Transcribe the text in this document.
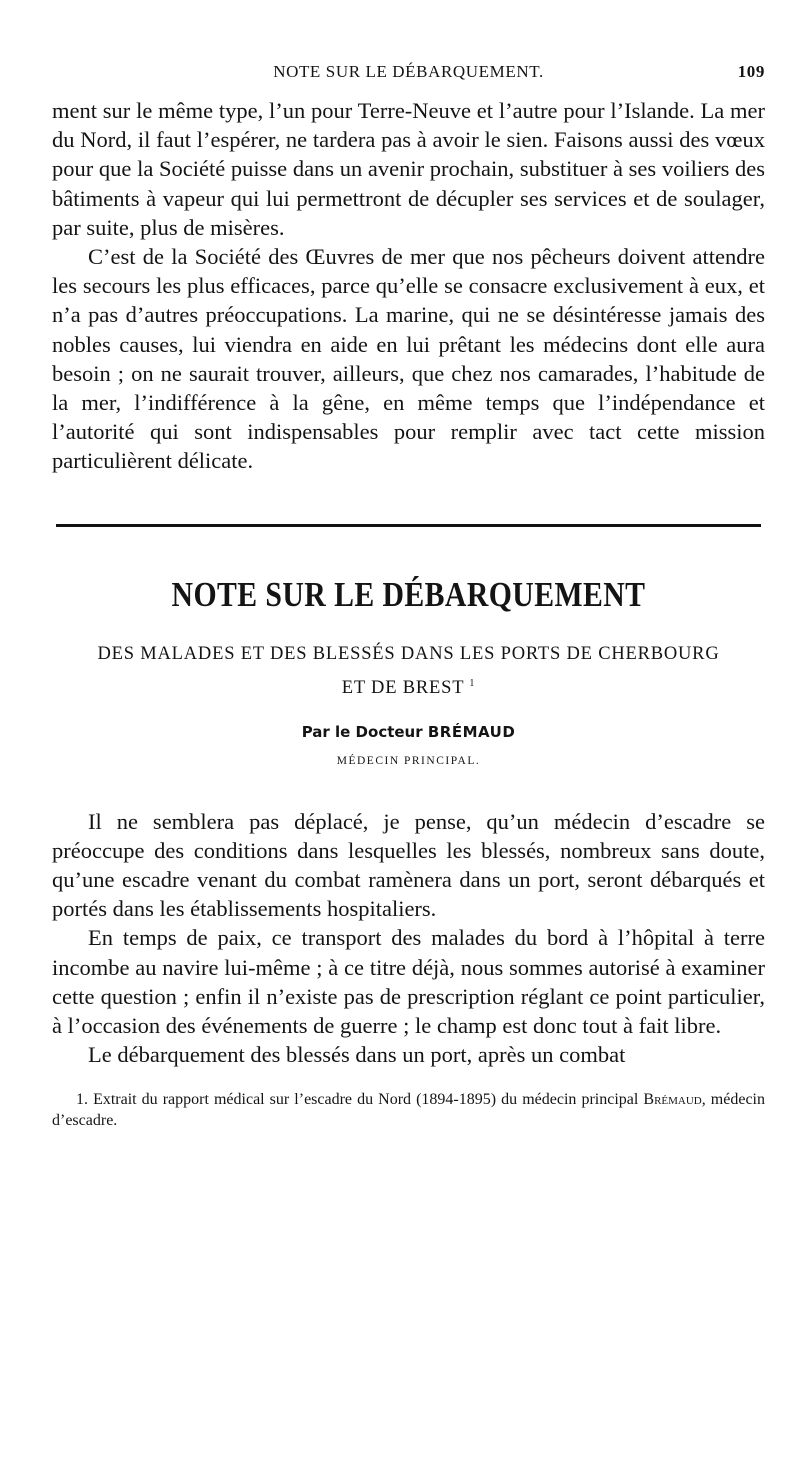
NOTE SUR LE DÉBARQUEMENT.	109

ment sur le même type, l’un pour Terre-Neuve et l’autre pour l’Islande. La mer du Nord, il faut l’espérer, ne tardera pas à avoir le sien. Faisons aussi des vœux pour que la Société puisse dans un avenir prochain, substituer à ses voiliers des bâtiments à vapeur qui lui permettront de décupler ses services et de soulager, par suite, plus de misères.

C’est de la Société des Œuvres de mer que nos pêcheurs doivent attendre les secours les plus efficaces, parce qu’elle se consacre exclusivement à eux, et n’a pas d’autres préoccupations. La marine, qui ne se désintéresse jamais des nobles causes, lui viendra en aide en lui prêtant les médecins dont elle aura besoin ; on ne saurait trouver, ailleurs, que chez nos camarades, l’habitude de la mer, l’indifférence à la gêne, en même temps que l’indépendance et l’autorité qui sont indispensables pour remplir avec tact cette mission particulièrent délicate.

NOTE SUR LE DÉBARQUEMENT
DES MALADES ET DES BLESSÉS DANS LES PORTS DE CHERBOURG
ET DE BREST $^1$
Par le Docteur BRÉMAUD
MÉDECIN PRINCIPAL.

Il ne semblera pas déplacé, je pense, qu’un médecin d’escadre se préoccupe des conditions dans lesquelles les blessés, nombreux sans doute, qu’une escadre venant du combat ramènera dans un port, seront débarqués et portés dans les établissements hospitaliers.

En temps de paix, ce transport des malades du bord à l’hôpital à terre incombe au navire lui-même ; à ce titre déjà, nous sommes autorisé à examiner cette question ; enfin il n’existe pas de prescription réglant ce point particulier, à l’occasion des événements de guerre ; le champ est donc tout à fait libre.

Le débarquement des blessés dans un port, après un combat

1. Extrait du rapport médical sur l’escadre du Nord (1894-1895) du médecin principal Brémaud, médecin d’escadre.
